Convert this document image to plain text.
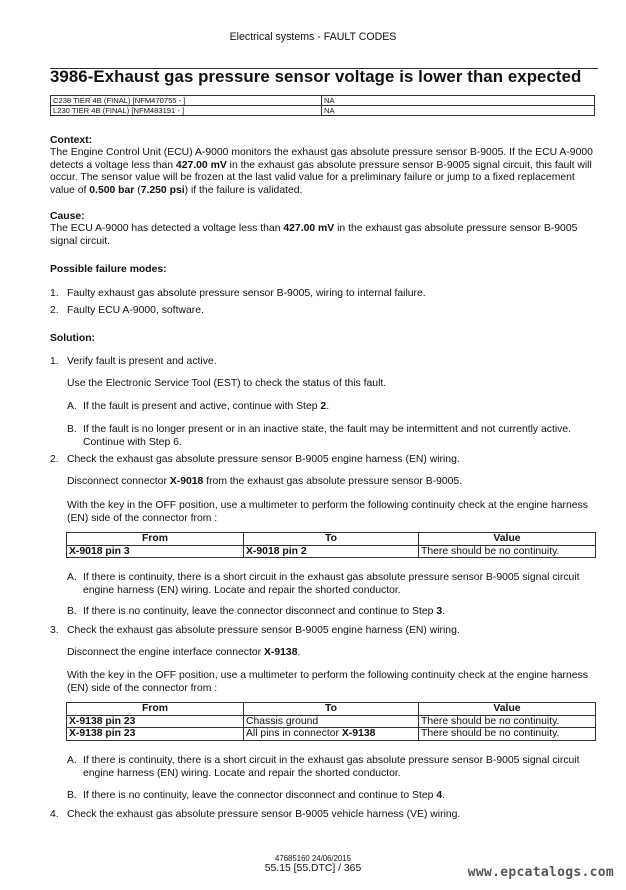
Electrical systems - FAULT CODES
3986-Exhaust gas pressure sensor voltage is lower than expected
C238 TIER 4B (FINAL) [NFM470755 - ]	NA
L230 TIER 4B (FINAL) [NFM483191 - ]	NA
Context:
The Engine Control Unit (ECU) A-9000 monitors the exhaust gas absolute pressure sensor B-9005. If the ECU A-9000
detects a voltage less than 427.00 mV in the exhaust gas absolute pressure sensor B-9005 signal circuit, this fault will
occur. The sensor value will be frozen at the last valid value for a preliminary failure or jump to a fixed replacement
value of 0.500 bar (7.250 psi) if the failure is validated.
Cause:
The ECU A-9000 has detected a voltage less than 427.00 mV in the exhaust gas absolute pressure sensor B-9005
signal circuit.
Possible failure modes:
1. Faulty exhaust gas absolute pressure sensor B-9005, wiring to internal failure.
2. Faulty ECU A-9000, software.
Solution:
1. Verify fault is present and active.
Use the Electronic Service Tool (EST) to check the status of this fault.
A. If the fault is present and active, continue with Step 2.
B. If the fault is no longer present or in an inactive state, the fault may be intermittent and not currently active.
Continue with Step 6.
2. Check the exhaust gas absolute pressure sensor B-9005 engine harness (EN) wiring.
Disconnect connector X-9018 from the exhaust gas absolute pressure sensor B-9005.
With the key in the OFF position, use a multimeter to perform the following continuity check at the engine harness
(EN) side of the connector from :
From	To	Value
X-9018 pin 3	X-9018 pin 2	There should be no continuity.
A. If there is continuity, there is a short circuit in the exhaust gas absolute pressure sensor B-9005 signal circuit
engine harness (EN) wiring. Locate and repair the shorted conductor.
B. If there is no continuity, leave the connector disconnect and continue to Step 3.
3. Check the exhaust gas absolute pressure sensor B-9005 engine harness (EN) wiring.
Disconnect the engine interface connector X-9138.
With the key in the OFF position, use a multimeter to perform the following continuity check at the engine harness
(EN) side of the connector from :
From	To	Value
X-9138 pin 23	Chassis ground	There should be no continuity.
X-9138 pin 23	All pins in connector X-9138	There should be no continuity.
A. If there is continuity, there is a short circuit in the exhaust gas absolute pressure sensor B-9005 signal circuit
engine harness (EN) wiring. Locate and repair the shorted conductor.
B. If there is no continuity, leave the connector disconnect and continue to Step 4.
4. Check the exhaust gas absolute pressure sensor B-9005 vehicle harness (VE) wiring.
47685160 24/06/2015
55.15 [55.DTC] / 365	www.epcatalogs.com
